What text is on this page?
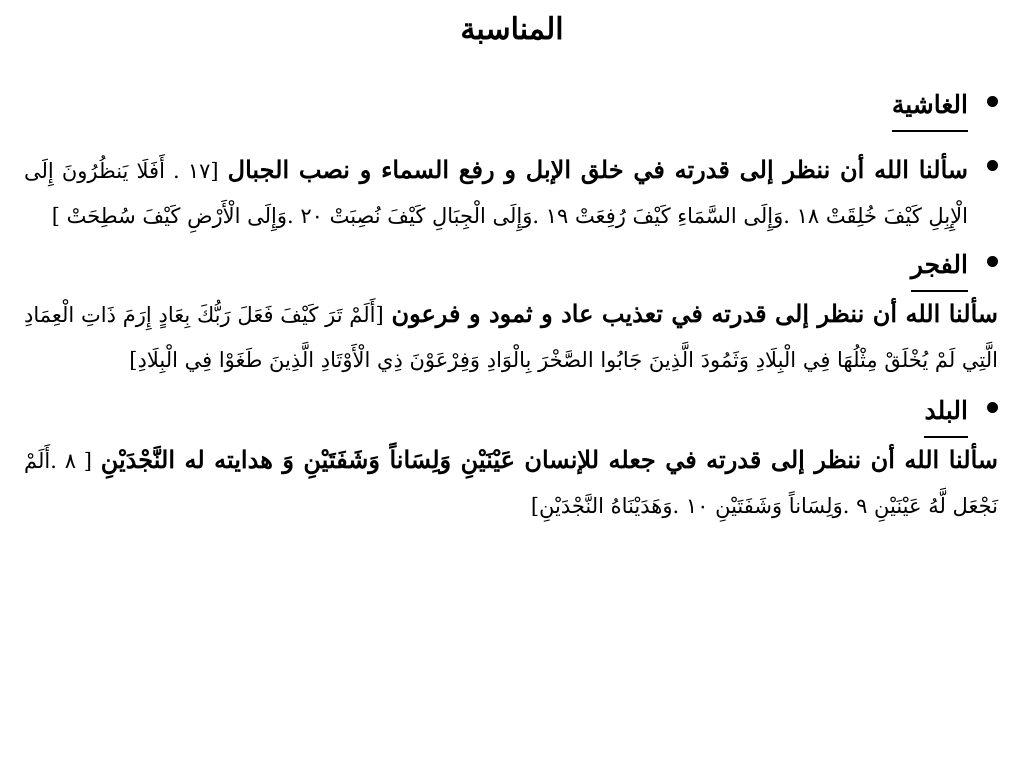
المناسبة
الغاشية

سألنا الله أن ننظر إلى قدرته في خلق الإبل و رفع السماء و نصب الجبال [١٧ . أَفَلَا يَنظُرُونَ إِلَى الْإِبِلِ كَيْفَ خُلِقَتْ ١٨ .وَإِلَى السَّمَاءِ كَيْفَ رُفِعَتْ ١٩ .وَإِلَى الْجِبَالِ كَيْفَ نُصِبَتْ ٢٠ .وَإِلَى الْأَرْضِ كَيْفَ سُطِحَتْ ]

الفجر

سألنا الله أن ننظر إلى قدرته في تعذيب عاد و ثمود و فرعون [أَلَمْ تَرَ كَيْفَ فَعَلَ رَبُّكَ بِعَادٍ إِرَمَ ذَاتِ الْعِمَادِ الَّتِي لَمْ يُخْلَقْ مِثْلُهَا فِي الْبِلَادِ وَثَمُودَ الَّذِينَ جَابُوا الصَّخْرَ بِالْوَادِ وَفِرْعَوْنَ ذِي الْأَوْتَادِ الَّذِينَ طَغَوْا فِي الْبِلَادِ]

البلد

سألنا الله أن ننظر إلى قدرته في جعله للإنسان عَيْنَيْنِ وَلِسَاناً وَشَفَتَيْنِ وَ هدايته له النَّجْدَيْنِ [ ٨ .أَلَمْ نَجْعَل لَّهُ عَيْنَيْنِ ٩ .وَلِسَاناً وَشَفَتَيْنِ ١٠ .وَهَدَيْنَاهُ النَّجْدَيْنِ]
